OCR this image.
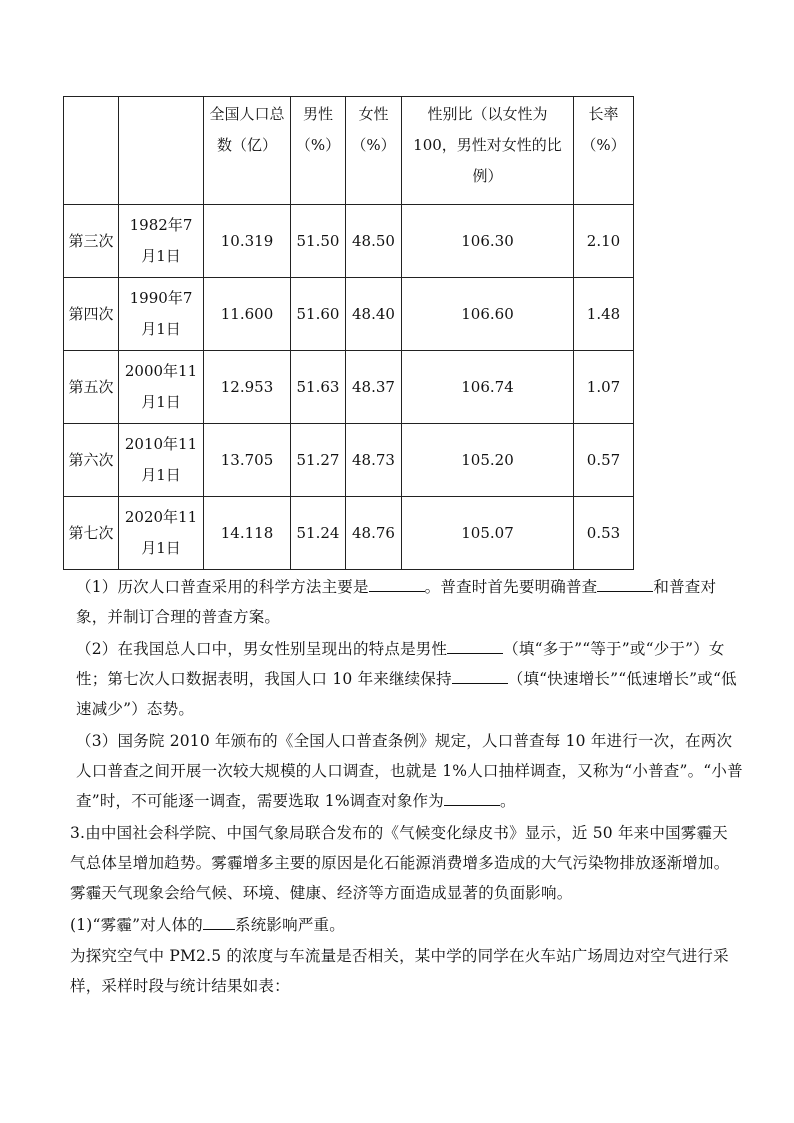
		全国人口总数（亿）	男性（%）	女性（%）	性别比（以女性为100，男性对女性的比例）	长率（%）
第三次	1982年7月1日	10.319	51.50	48.50	106.30	2.10
第四次	1990年7月1日	11.600	51.60	48.40	106.60	1.48
第五次	2000年11月1日	12.953	51.63	48.37	106.74	1.07
第六次	2010年11月1日	13.705	51.27	48.73	105.20	0.57
第七次	2020年11月1日	14.118	51.24	48.76	105.07	0.53

（1）历次人口普查采用的科学方法主要是	。普查时首先要明确普查	和普查对象，并制订合理的普查方案。

（2）在我国总人口中，男女性别呈现出的特点是男性	（填“多于”“等于”或“少于”）女性；第七次人口数据表明，我国人口 10 年来继续保持	（填“快速增长”“低速增长”或“低速减少”）态势。

（3）国务院 2010 年颁布的《全国人口普查条例》规定，人口普查每 10 年进行一次，在两次人口普查之间开展一次较大规模的人口调查，也就是 1%人口抽样调查，又称为“小普查”。“小普查”时，不可能逐一调查，需要选取 1%调查对象作为	。

3.由中国社会科学院、中国气象局联合发布的《气候变化绿皮书》显示，近 50 年来中国雾霾天气总体呈增加趋势。雾霾增多主要的原因是化石能源消费增多造成的大气污染物排放逐渐增加。雾霾天气现象会给气候、环境、健康、经济等方面造成显著的负面影响。

(1)“雾霾”对人体的 系统影响严重。

为探究空气中 PM2.5 的浓度与车流量是否相关，某中学的同学在火车站广场周边对空气进行采样，采样时段与统计结果如表：
